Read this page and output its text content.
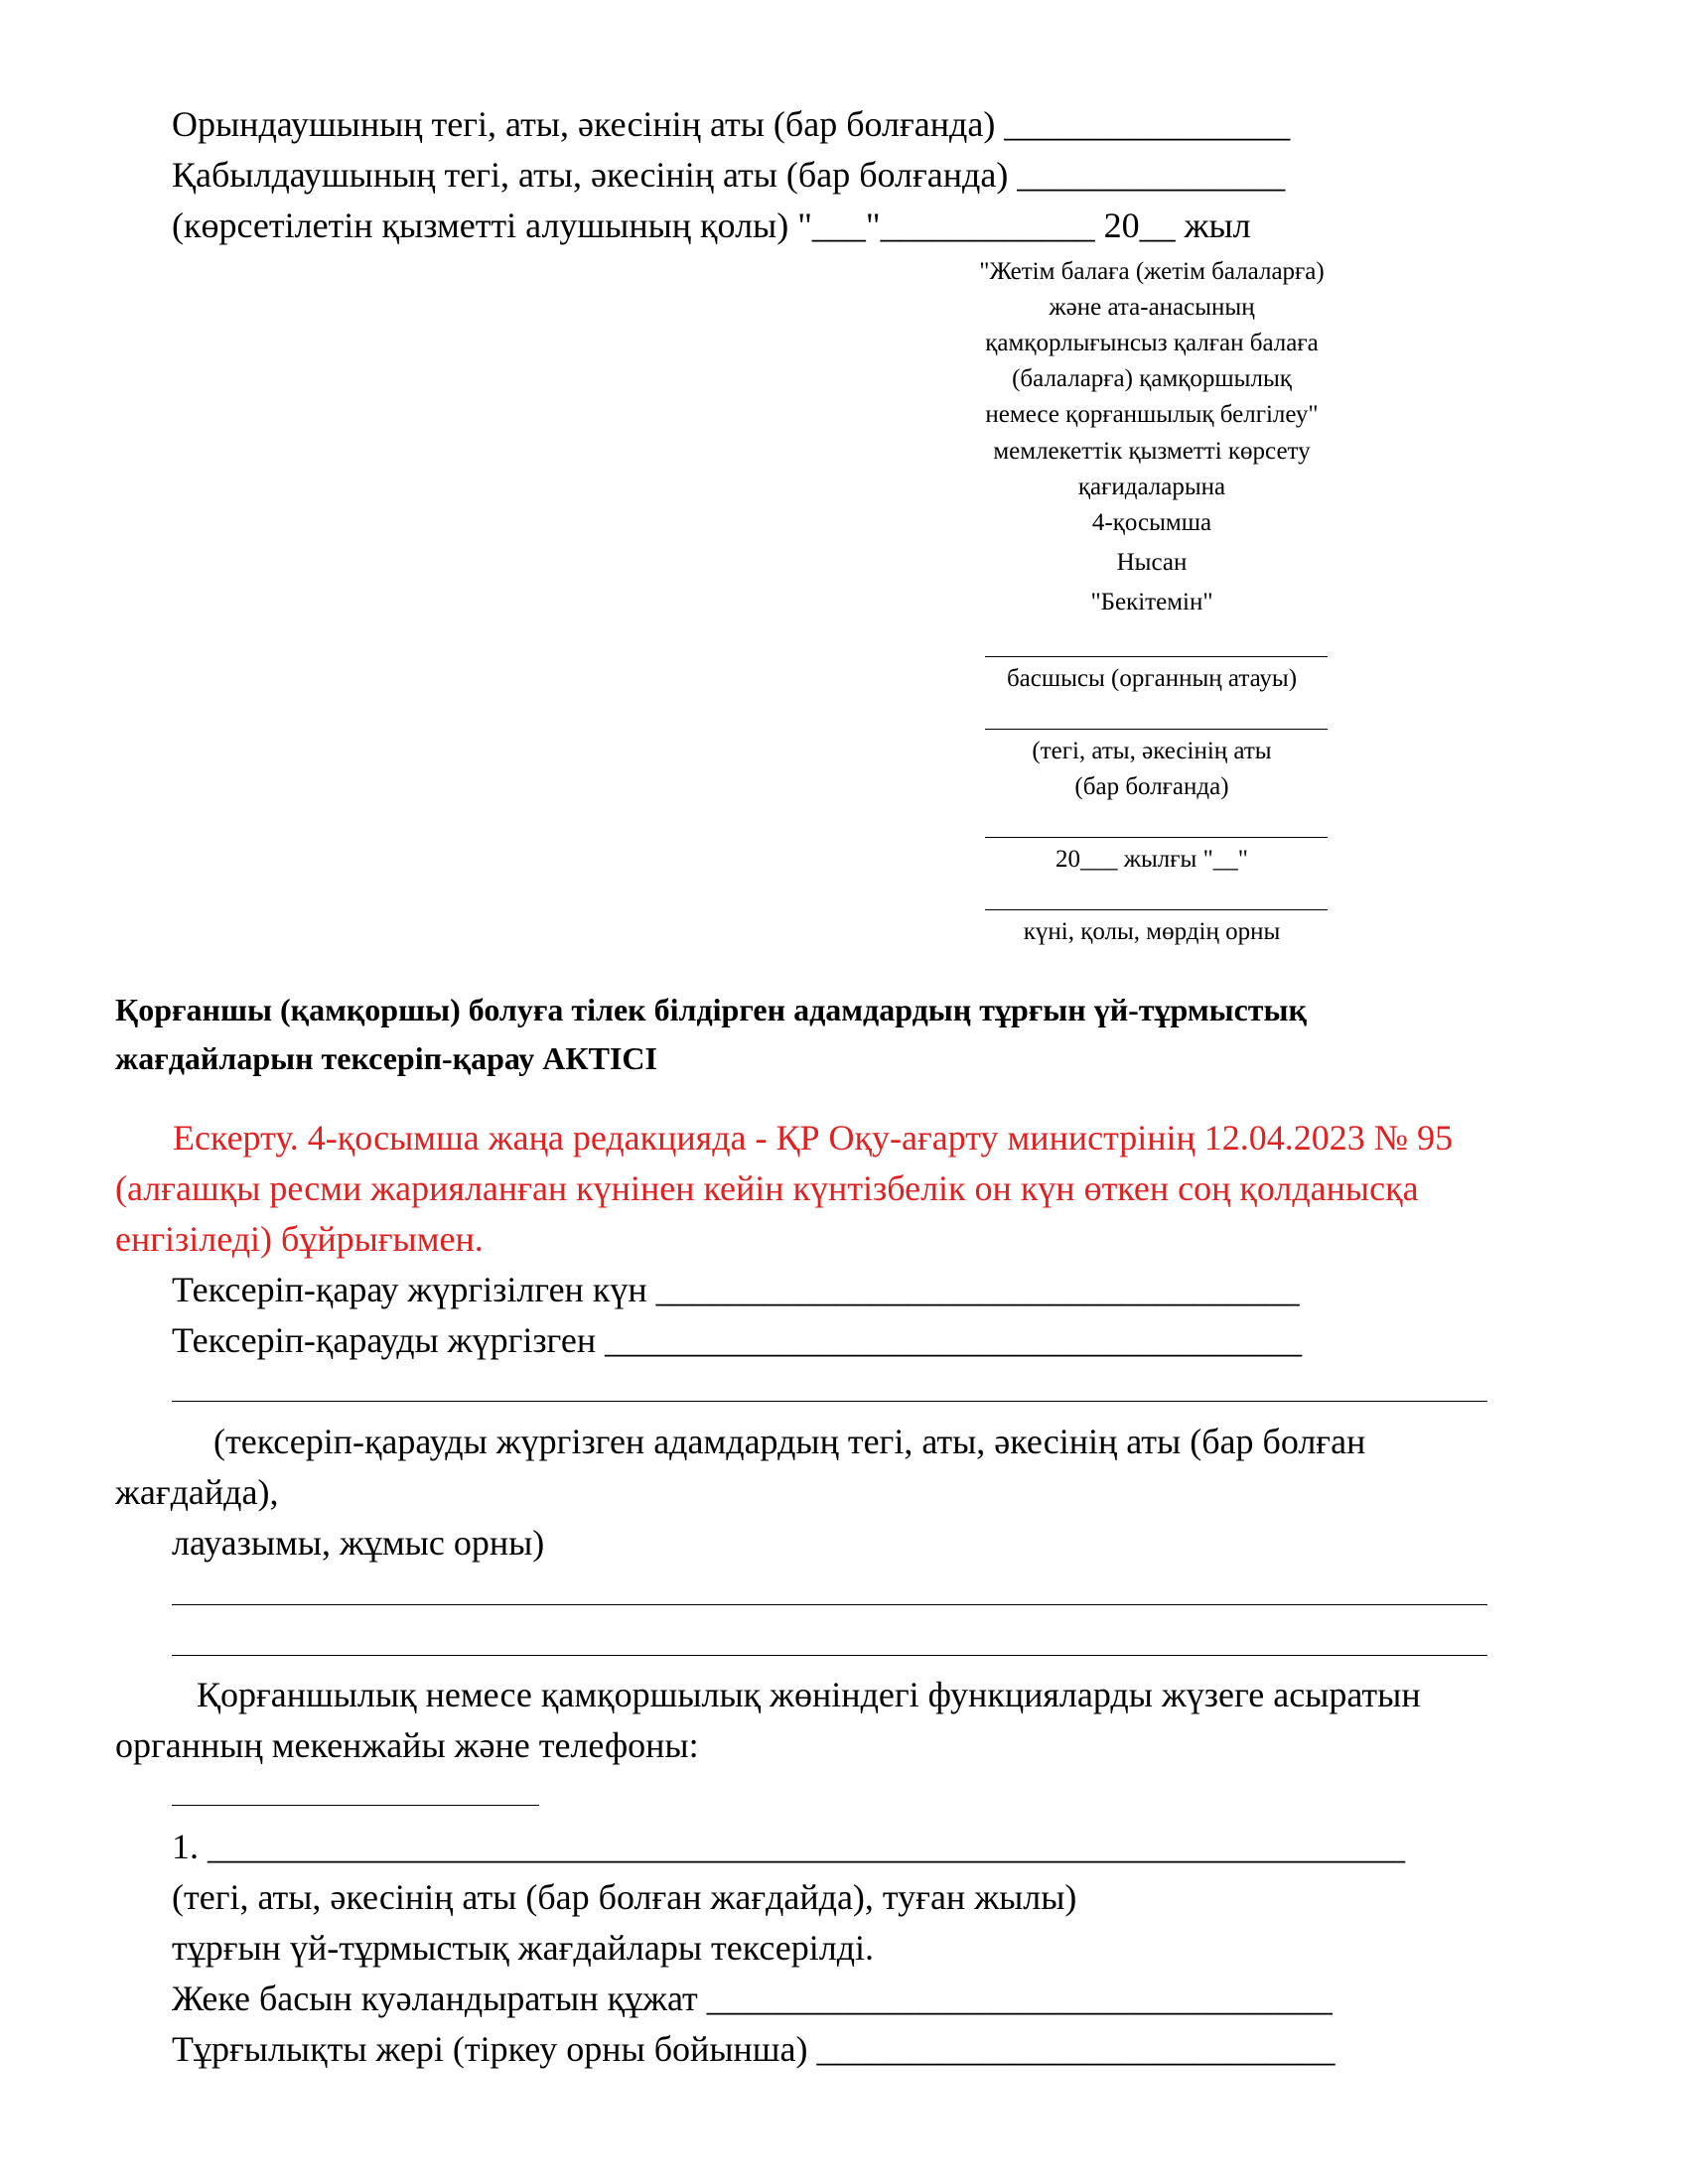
Орындаушының тегі, аты, әкесінің аты (бар болғанда) ________________
Қабылдаушының тегі, аты, әкесінің аты (бар болғанда) _______________
(көрсетілетін қызметті алушының қолы) "___"____________ 20__ жыл
"Жетім балаға (жетім балаларға)
және ата-анасының
қамқорлығынсыз қалған балаға
(балаларға) қамқоршылық
немесе қорғаншылық белгілеу"
мемлекеттік қызметті көрсету
қағидаларына
4-қосымша
Нысан
"Бекітемін"
басшысы (органның атауы)
(тегі, аты, әкесінің аты
(бар болғанда)
20___ жылғы "__"
күні, қолы, мөрдің орны
Қорғаншы (қамқоршы) болуға тілек білдірген адамдардың тұрғын үй-тұрмыстық
жағдайларын тексеріп-қарау АКТІСІ
Ескерту. 4-қосымша жаңа редакцияда - ҚР Оқу-ағарту министрінің 12.04.2023 № 95
(алғашқы ресми жарияланған күнінен кейін күнтізбелік он күн өткен соң қолданысқа
енгізіледі) бұйрығымен.
Тексеріп-қарау жүргізілген күн ____________________________________
Тексеріп-қарауды жүргізген _______________________________________
(тексеріп-қарауды жүргізген адамдардың тегі, аты, әкесінің аты (бар болған
жағдайда),
лауазымы, жұмыс орны)
Қорғаншылық немесе қамқоршылық жөніндегі функцияларды жүзеге асыратын
органның мекенжайы және телефоны:
1. ___________________________________________________________________
(тегі, аты, әкесінің аты (бар болған жағдайда), туған жылы)
тұрғын үй-тұрмыстық жағдайлары тексерілді.
Жеке басын куәландыратын құжат ___________________________________
Тұрғылықты жері (тіркеу орны бойынша) _____________________________
